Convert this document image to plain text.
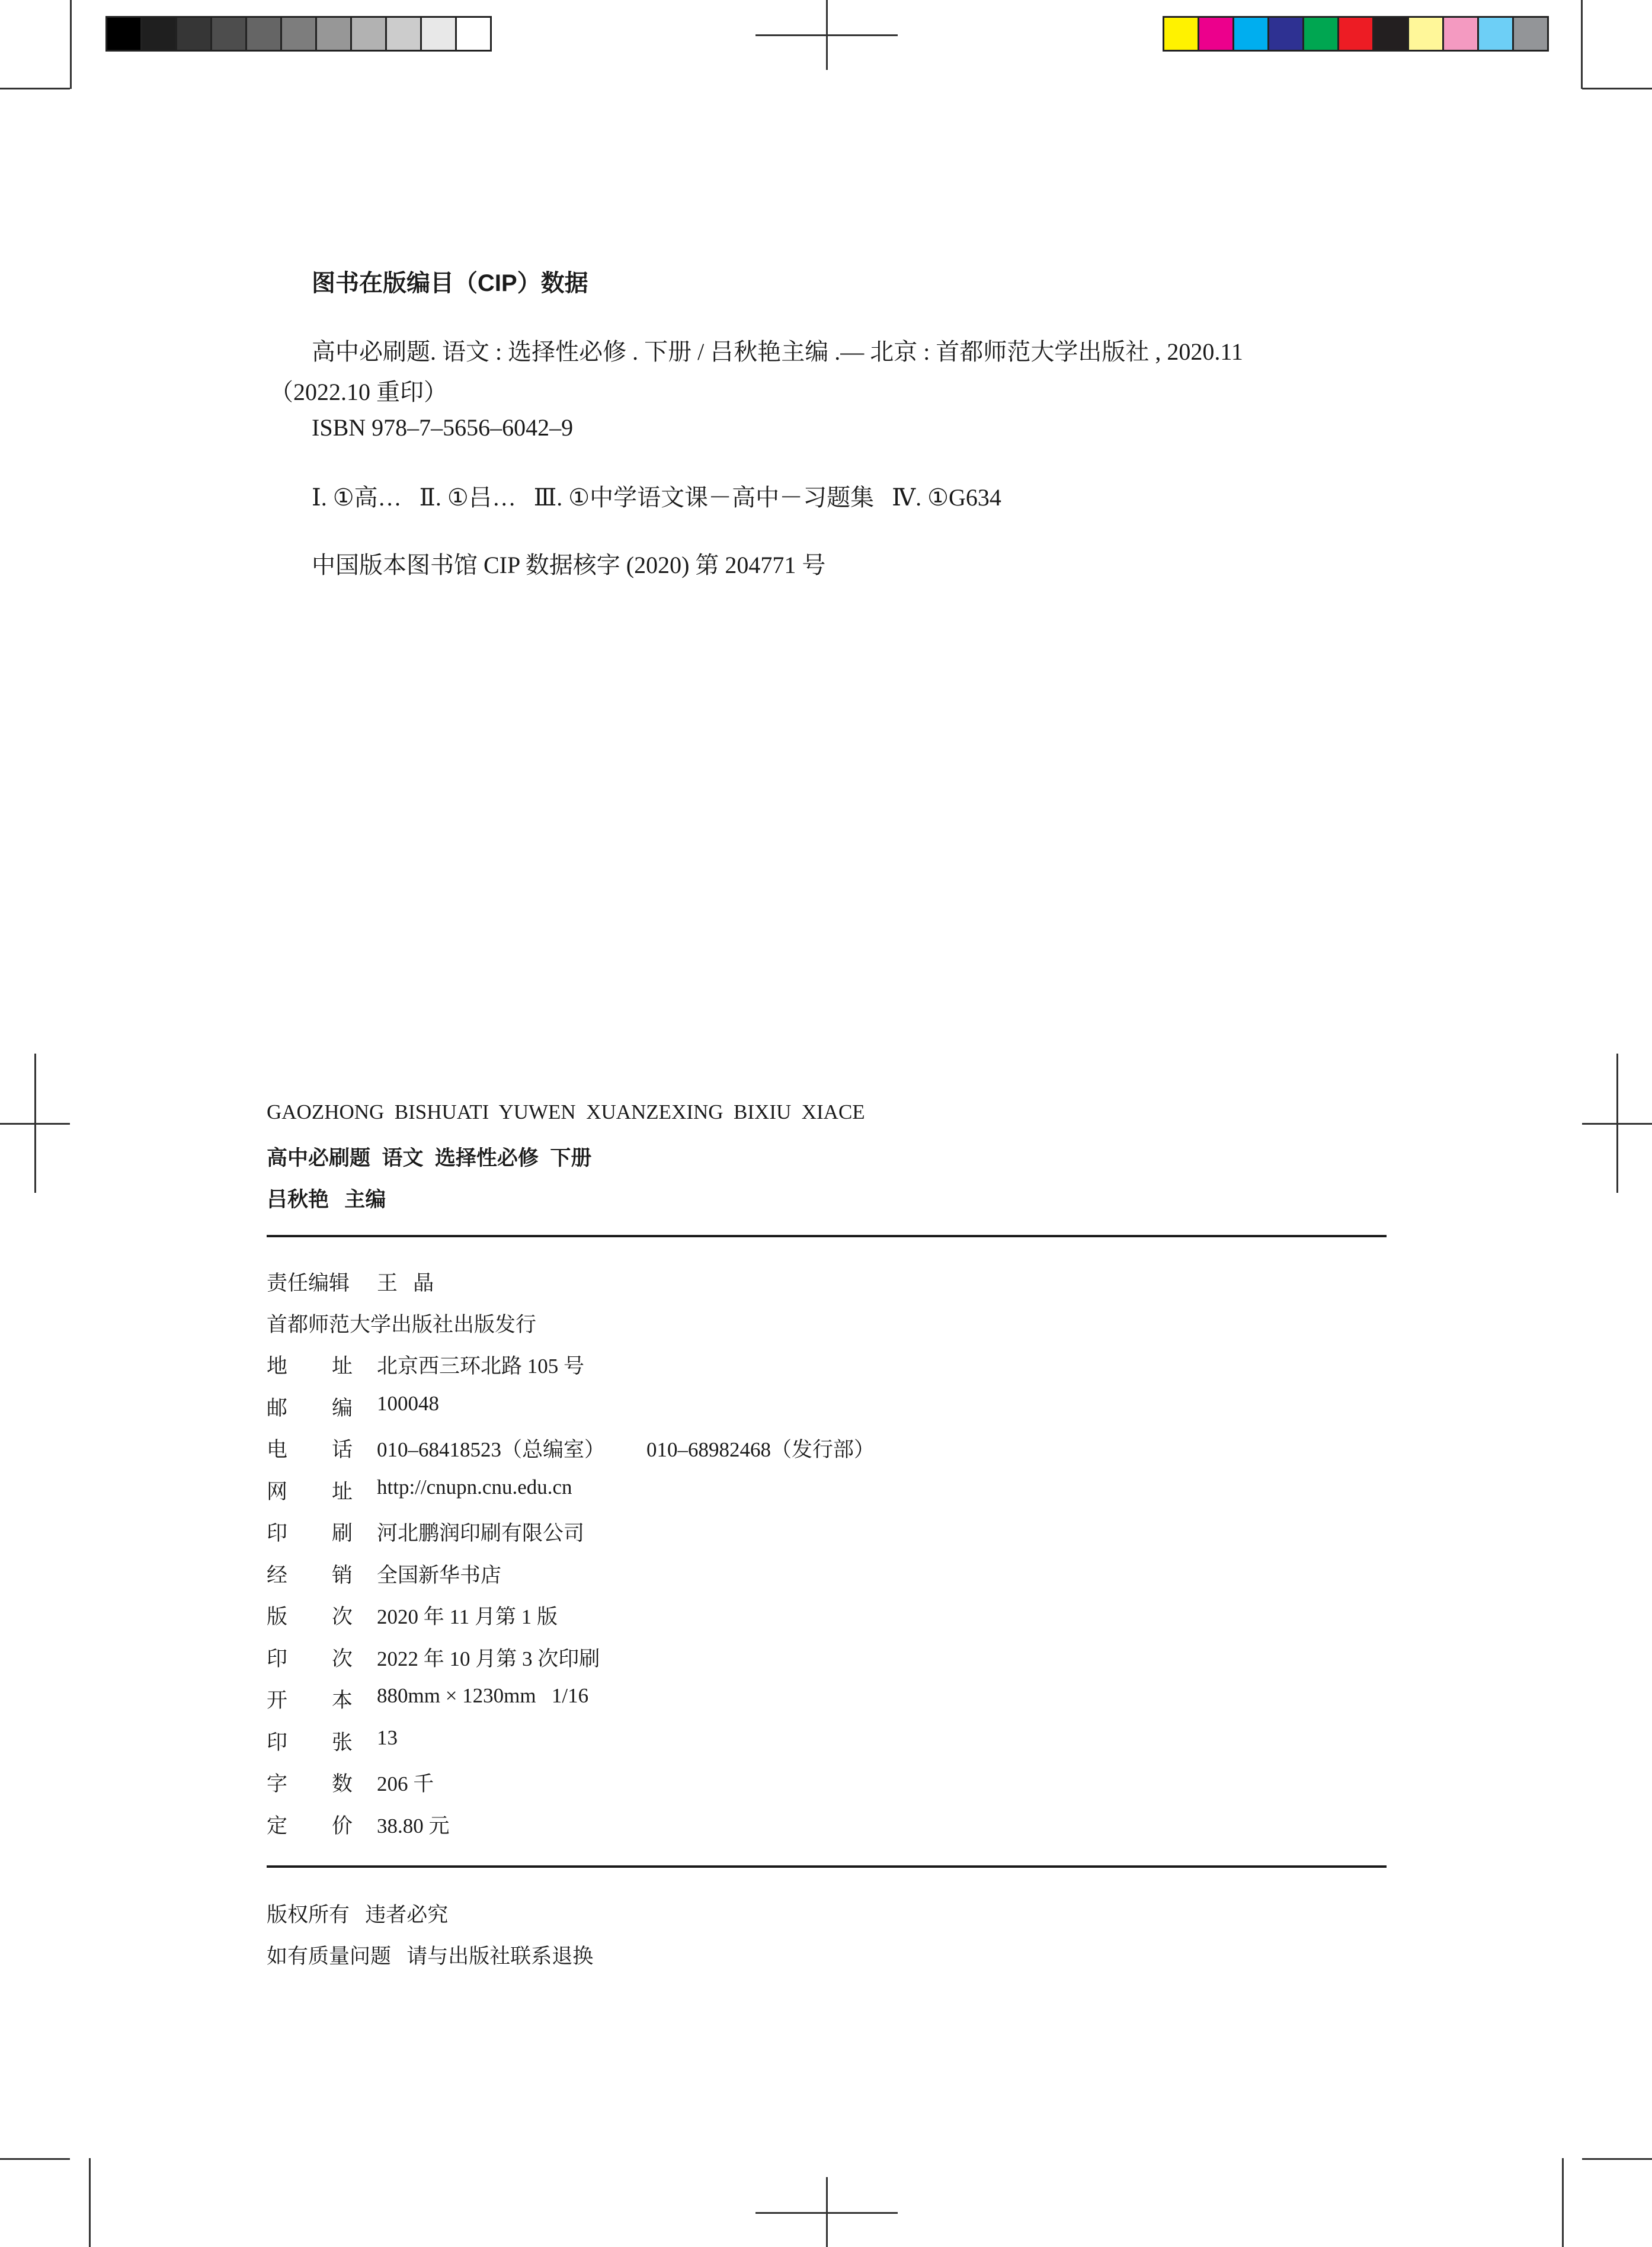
图书在版编目（CIP）数据
高中必刷题. 语文 : 选择性必修 . 下册 / 吕秋艳主编 .— 北京 : 首都师范大学出版社 , 2020.11
（2022.10 重印）
ISBN 978–7–5656–6042–9
Ⅰ. ①高…   Ⅱ. ①吕…   Ⅲ. ①中学语文课－高中－习题集   Ⅳ. ①G634
中国版本图书馆 CIP 数据核字 (2020) 第 204771 号
GAOZHONG  BISHUATI  YUWEN  XUANZEXING  BIXIU  XIACE
高中必刷题  语文  选择性必修  下册
吕秋艳   主编
责任编辑 王   晶
首都师范大学出版社出版发行
地 址 北京西三环北路 105 号
邮 编 100048
电 话 010–68418523（总编室）        010–68982468（发行部）
网 址 http://cnupn.cnu.edu.cn
印 刷 河北鹏润印刷有限公司
经 销 全国新华书店
版 次 2020 年 11 月第 1 版
印 次 2022 年 10 月第 3 次印刷
开 本 880mm × 1230mm   1/16
印 张 13
字 数 206 千
定 价 38.80 元
版权所有   违者必究
如有质量问题   请与出版社联系退换
